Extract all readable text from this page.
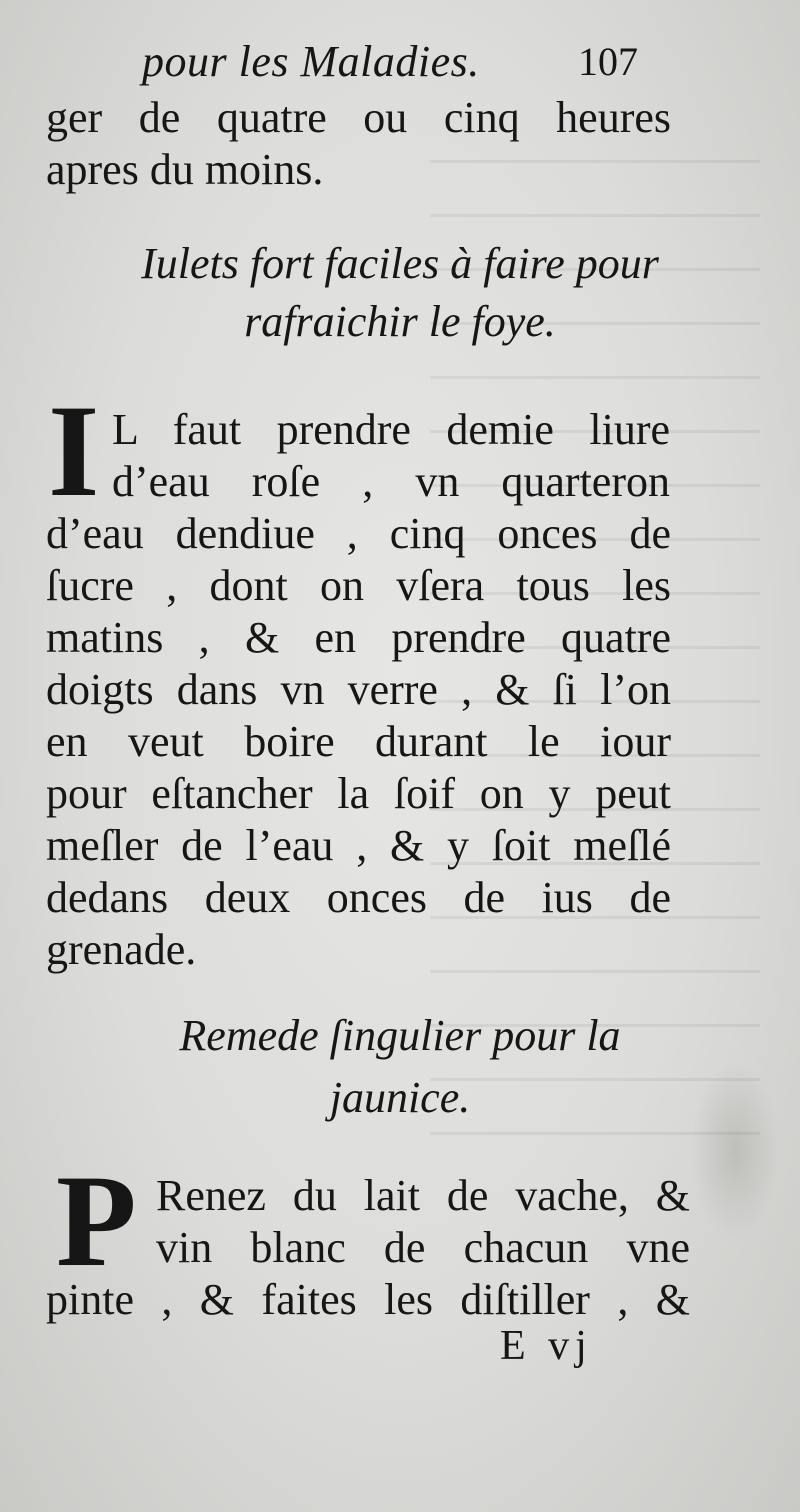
pour les Maladies. 107
ger de quatre ou cinq heures
apres du moins.
Iulets fort faciles à faire pour
rafraichir le foye.
I L faut prendre demie liure
d’eau roſe , vn quarteron
d’eau dendiue , cinq onces de
ſucre , dont on vſera tous les
matins , & en prendre quatre
doigts dans vn verre , & ſi l’on
en veut boire durant le iour
pour eſtancher la ſoif on y peut
meſler de l’eau , & y ſoit meſlé
dedans deux onces de ius de
grenade.
Remede ſingulier pour la
jaunice.
P Renez du lait de vache, &
vin blanc de chacun vne
pinte , & faites les diſtiller , &
E vj
